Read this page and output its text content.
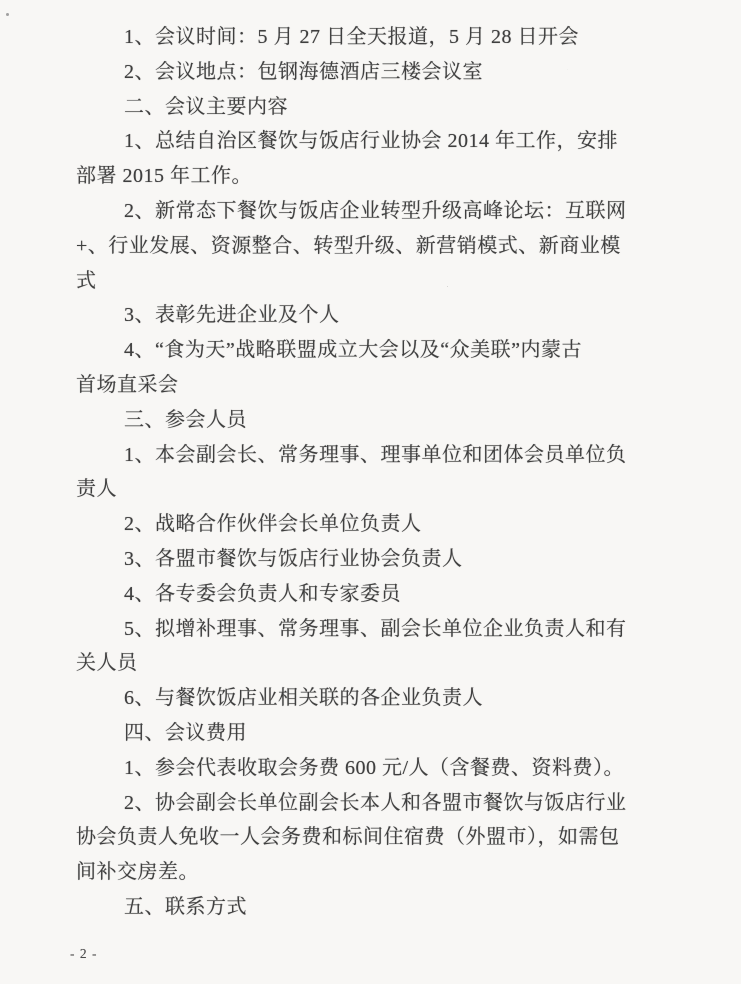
1、会议时间：5 月 27 日全天报道，5 月 28 日开会
2、会议地点：包钢海德酒店三楼会议室
二、会议主要内容
1、总结自治区餐饮与饭店行业协会 2014 年工作，安排
部署 2015 年工作。
2、新常态下餐饮与饭店企业转型升级高峰论坛：互联网
+、行业发展、资源整合、转型升级、新营销模式、新商业模
式
3、表彰先进企业及个人
4、“食为天”战略联盟成立大会以及“众美联”内蒙古
首场直采会
三、参会人员
1、本会副会长、常务理事、理事单位和团体会员单位负
责人
2、战略合作伙伴会长单位负责人
3、各盟市餐饮与饭店行业协会负责人
4、各专委会负责人和专家委员
5、拟增补理事、常务理事、副会长单位企业负责人和有
关人员
6、与餐饮饭店业相关联的各企业负责人
四、会议费用
1、参会代表收取会务费 600 元/人（含餐费、资料费）。
2、协会副会长单位副会长本人和各盟市餐饮与饭店行业
协会负责人免收一人会务费和标间住宿费（外盟市），如需包
间补交房差。
五、联系方式
- 2 -
